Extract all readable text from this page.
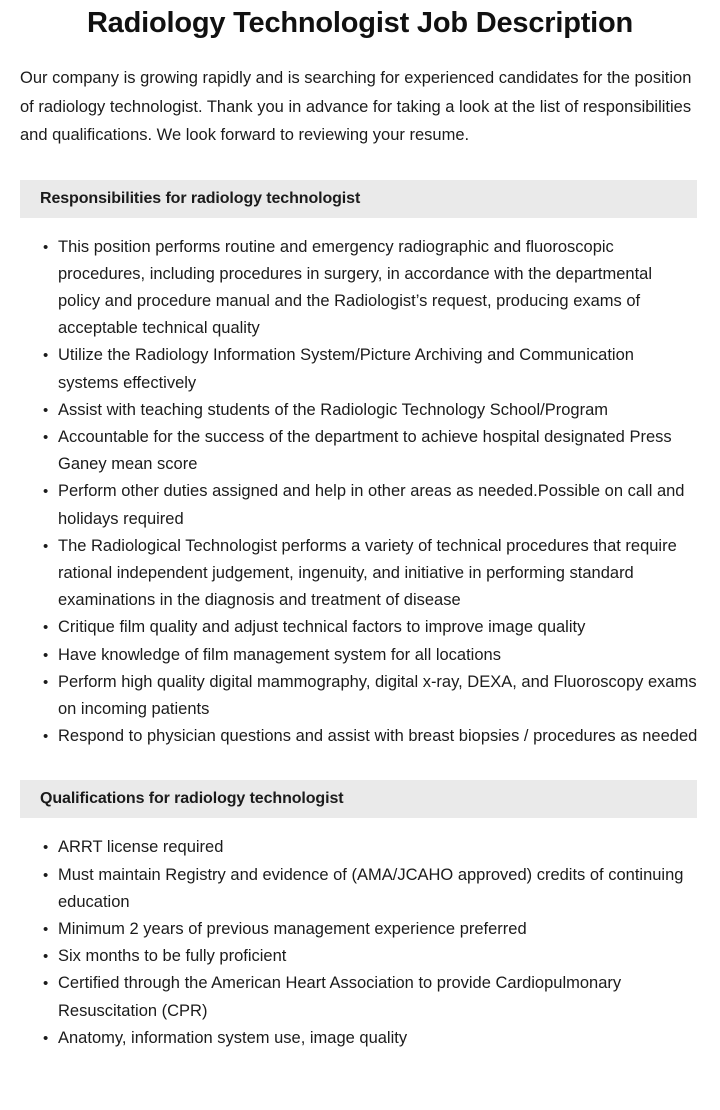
Radiology Technologist Job Description

Our company is growing rapidly and is searching for experienced candidates for the position of radiology technologist. Thank you in advance for taking a look at the list of responsibilities and qualifications. We look forward to reviewing your resume.

Responsibilities for radiology technologist
• This position performs routine and emergency radiographic and fluoroscopic procedures, including procedures in surgery, in accordance with the departmental policy and procedure manual and the Radiologist’s request, producing exams of acceptable technical quality
• Utilize the Radiology Information System/Picture Archiving and Communication systems effectively
• Assist with teaching students of the Radiologic Technology School/Program
• Accountable for the success of the department to achieve hospital designated Press Ganey mean score
• Perform other duties assigned and help in other areas as needed.Possible on call and holidays required
• The Radiological Technologist performs a variety of technical procedures that require rational independent judgement, ingenuity, and initiative in performing standard examinations in the diagnosis and treatment of disease
• Critique film quality and adjust technical factors to improve image quality
• Have knowledge of film management system for all locations
• Perform high quality digital mammography, digital x-ray, DEXA, and Fluoroscopy exams on incoming patients
• Respond to physician questions and assist with breast biopsies / procedures as needed
Qualifications for radiology technologist
• ARRT license required
• Must maintain Registry and evidence of (AMA/JCAHO approved) credits of continuing education
• Minimum 2 years of previous management experience preferred
• Six months to be fully proficient
• Certified through the American Heart Association to provide Cardiopulmonary Resuscitation (CPR)
• Anatomy, information system use, image quality
